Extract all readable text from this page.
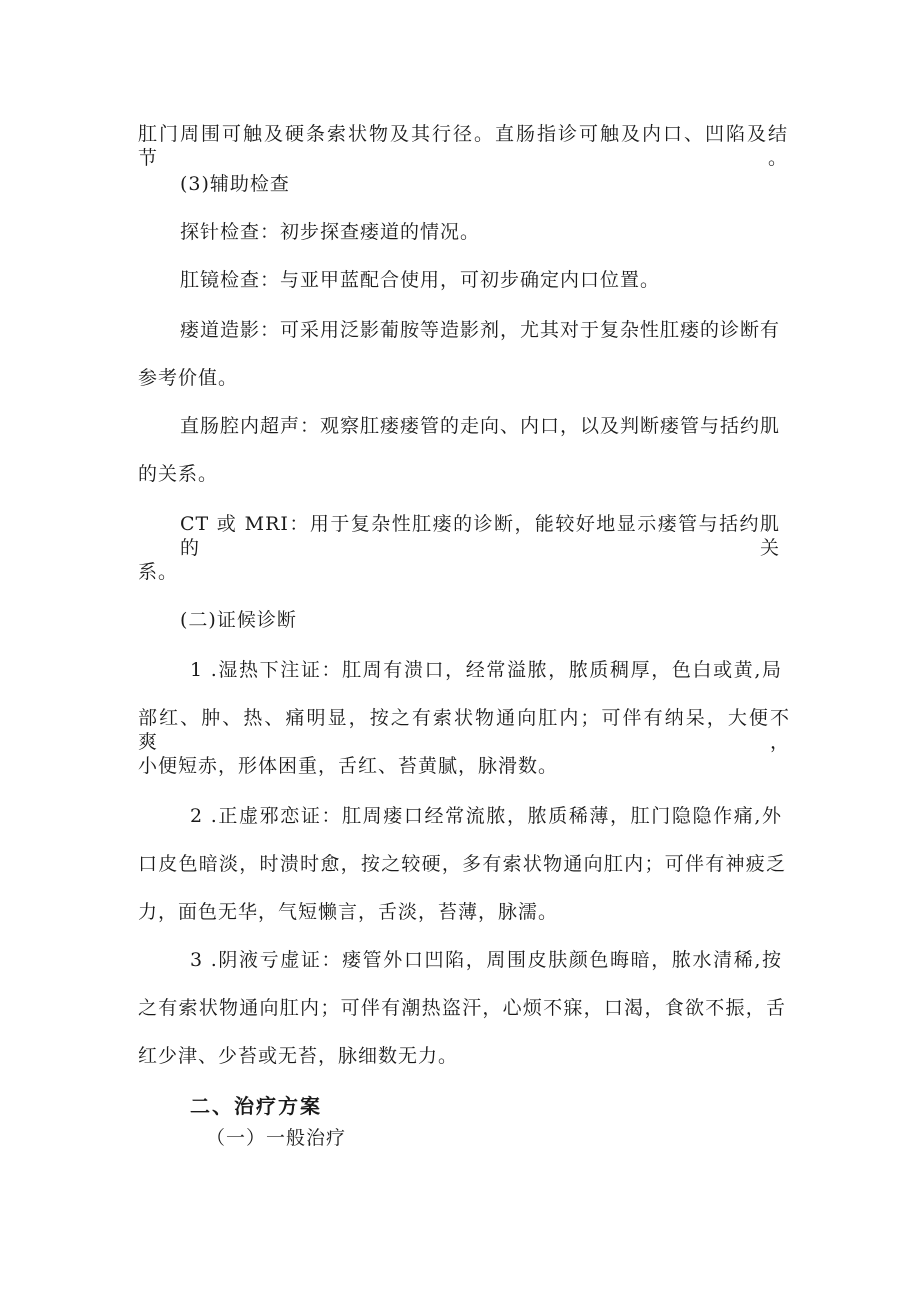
肛门周围可触及硬条索状物及其行径。直肠指诊可触及内口、凹陷及结节。

(3)辅助检查

探针检查：初步探查瘘道的情况。

肛镜检查：与亚甲蓝配合使用，可初步确定内口位置。

瘘道造影：可采用泛影葡胺等造影剂，尤其对于复杂性肛瘘的诊断有

参考价值。

直肠腔内超声：观察肛瘘瘘管的走向、内口，以及判断瘘管与括约肌

的关系。

CT 或 MRI：用于复杂性肛瘘的诊断，能较好地显示瘘管与括约肌的关

系。

(二)证候诊断

1 .湿热下注证：肛周有溃口，经常溢脓，脓质稠厚，色白或黄,局

部红、肿、热、痛明显，按之有索状物通向肛内；可伴有纳呆，大便不爽，

小便短赤，形体困重，舌红、苔黄腻，脉滑数。

2 .正虚邪恋证：肛周瘘口经常流脓，脓质稀薄，肛门隐隐作痛,外

口皮色暗淡，时溃时愈，按之较硬，多有索状物通向肛内；可伴有神疲乏

力，面色无华，气短懒言，舌淡，苔薄，脉濡。

3 .阴液亏虚证：瘘管外口凹陷，周围皮肤颜色晦暗，脓水清稀,按

之有索状物通向肛内；可伴有潮热盗汗，心烦不寐，口渴，食欲不振，舌

红少津、少苔或无苔，脉细数无力。

二、治疗方案

（一）一般治疗
